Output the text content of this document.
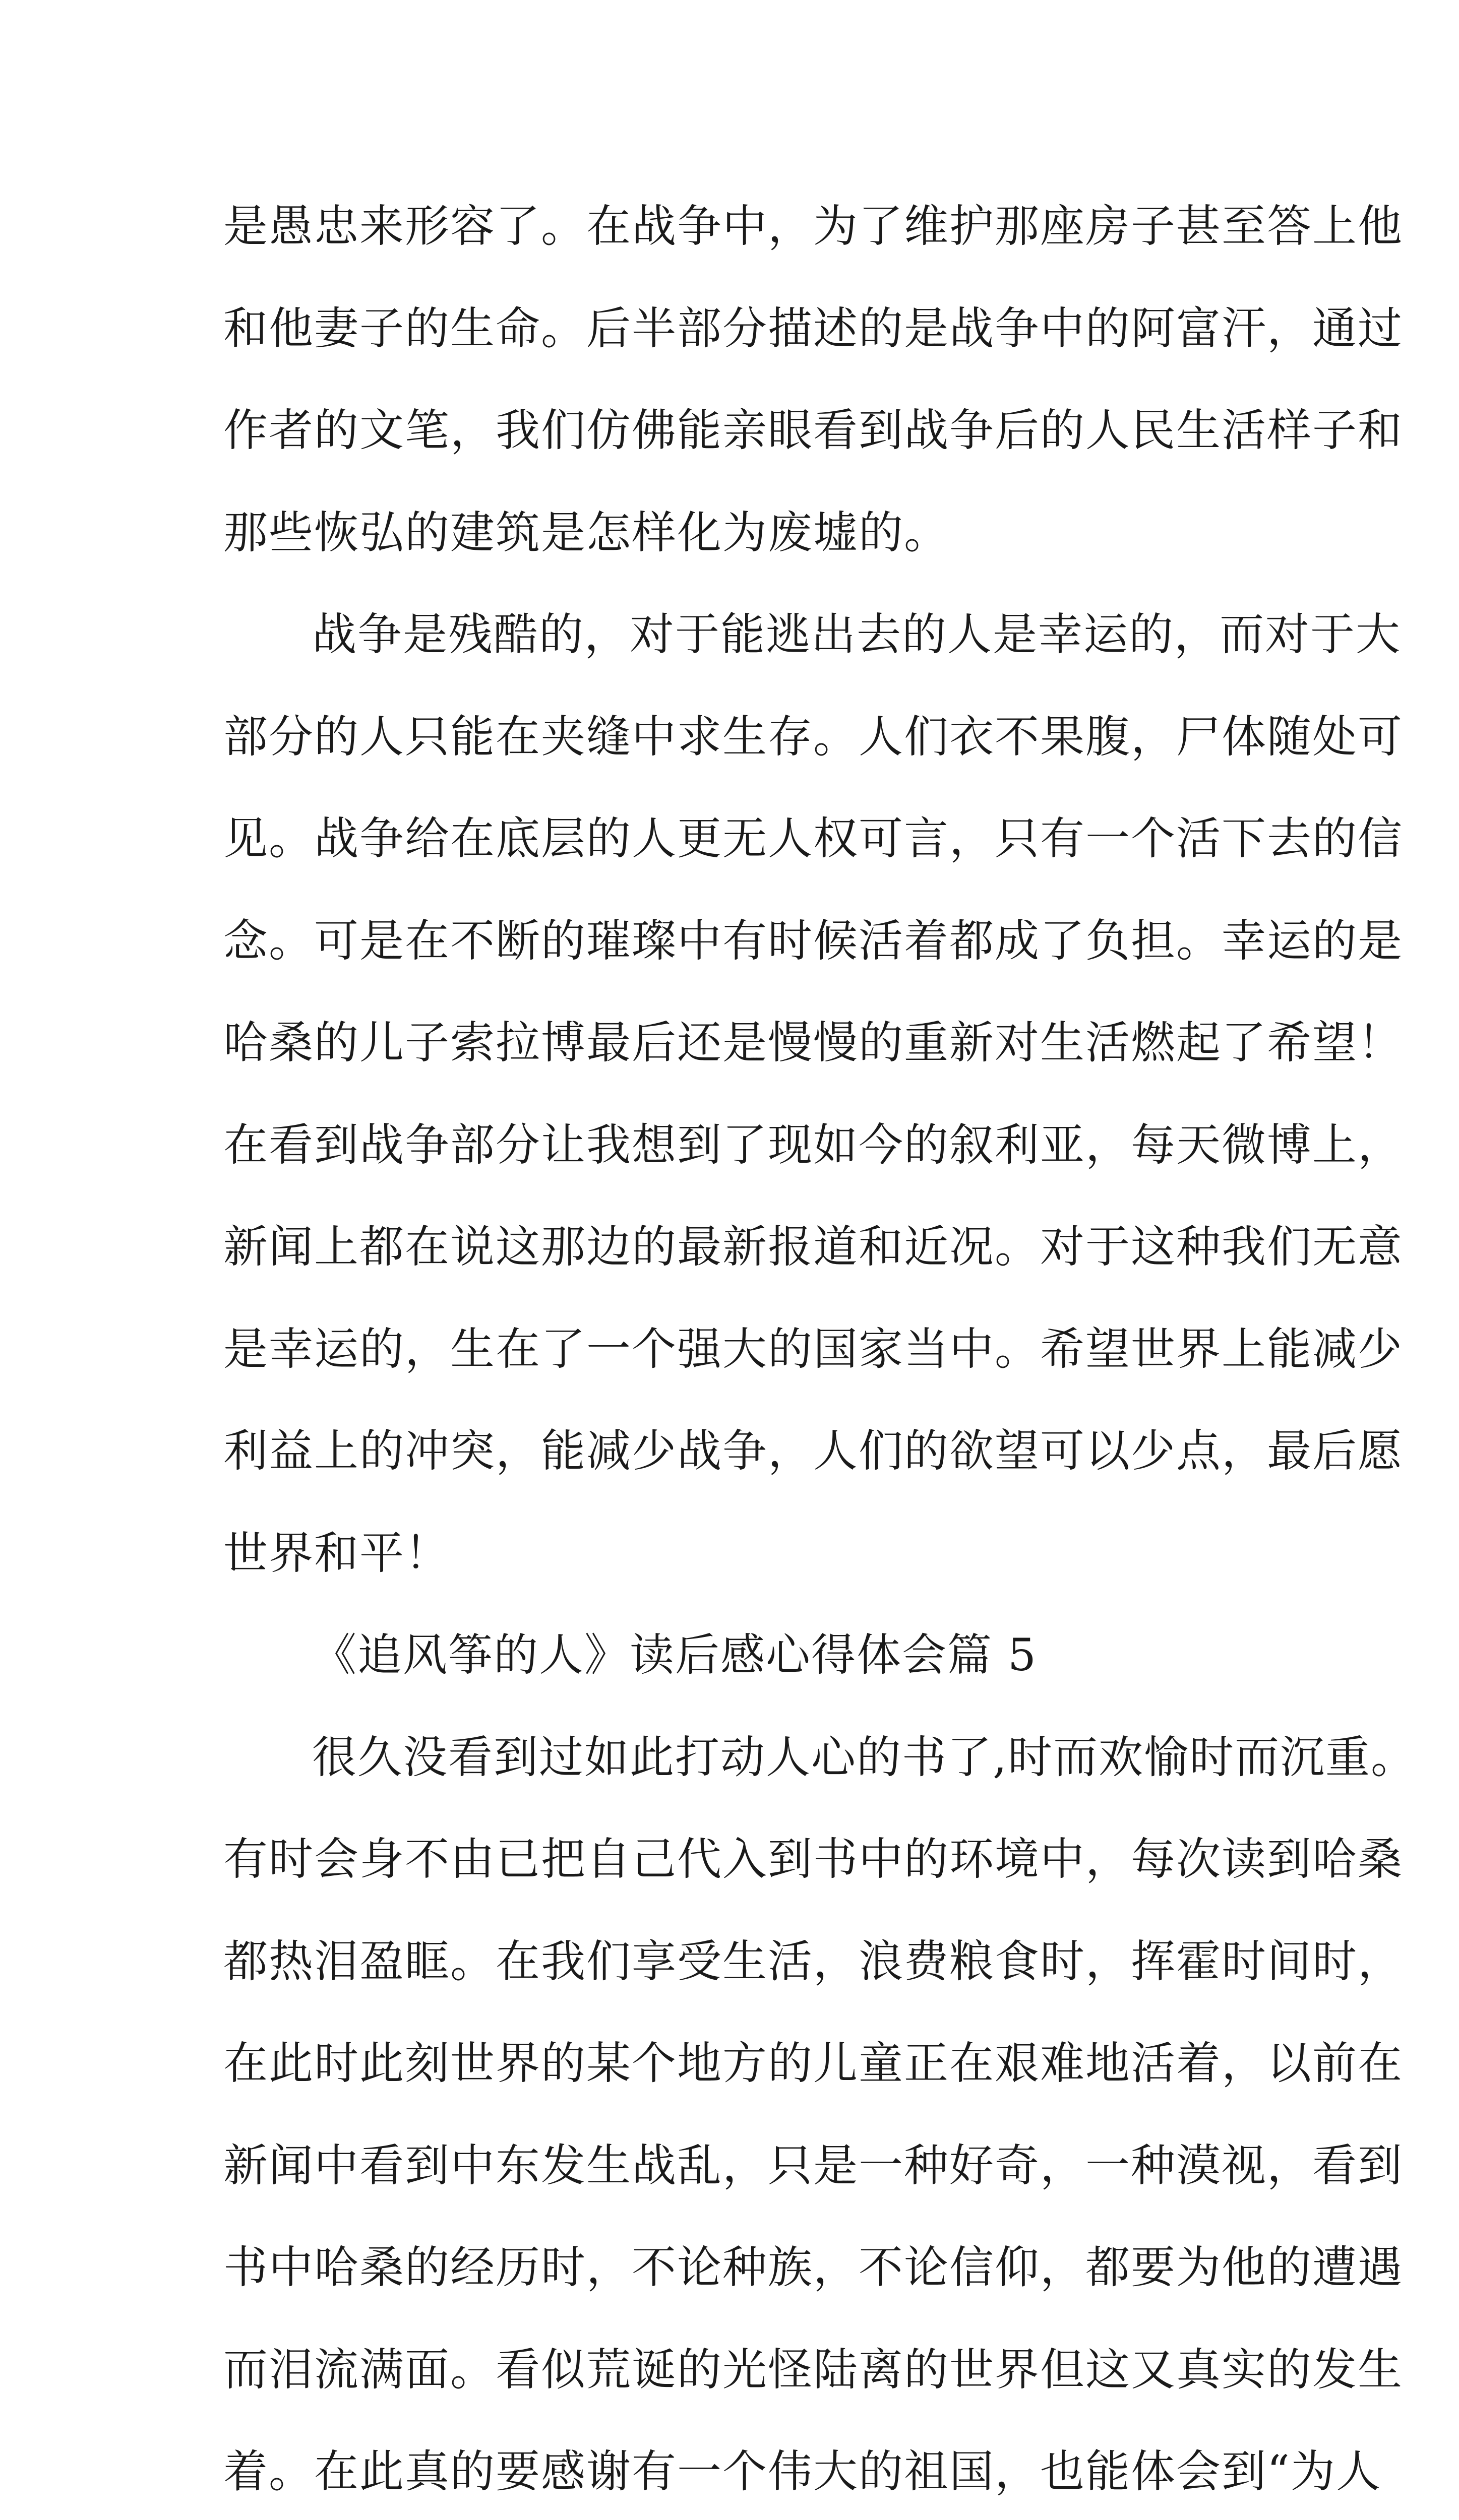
是愚忠来形容了。在战争中，为了维护那座房子甚至答上他
和他妻子的生命。后半部分描述的是战争中的阿富汗，通过
作者的文笔，我们仿佛能亲眼看到战争后的人民生活样子和
那些恢弘的建筑是怎样化为废墟的。
战争是残酷的，对于能逃出去的人是幸运的，而对于大
部分的人只能在夹缝中求生存。人们衣不果腹，尸体随处可
见。战争给在底层的人更无人权可言，只有一个活下去的信
念。可是在不断的璀璨中有时候活着都成了负担。幸运的是
哈桑的儿子索拉博最后还是慢慢的重新对生活燃起了希望！
在看到战争部分让我想到了现如今的叙利亚，每天微博上，
新闻上都在说这那边的最新报道和近况。对于这种我们无意
是幸运的，生在了一个强大的国家当中。希望世界上能减少
利益上的冲突，能减少战争，人们的欲望可以少点，最后愿
世界和平！
《追风筝的人》读后感心得体会篇 5
很久没看到过如此打动人心的书了,时而欢愉时而沉重。
有时会身不由已把自己代入到书中的环境中，每次读到哈桑
都热泪盈眶。在我们享受生活，浪费粮食时，挥霍时间时，
在此时此刻世界的某个地方的儿童正在艰难地活着，以前在
新闻中看到中东发生战乱，只是一种好奇，一种漠视，看到
书中哈桑的经历时，不论种族，不论信仰，都要为他的遭遇
而泪流满面。看似荒诞的光怪陆离的世界但这又真实的发生
着。在此真的要感谢有一个伟大的祖国，也能体会到“为人
